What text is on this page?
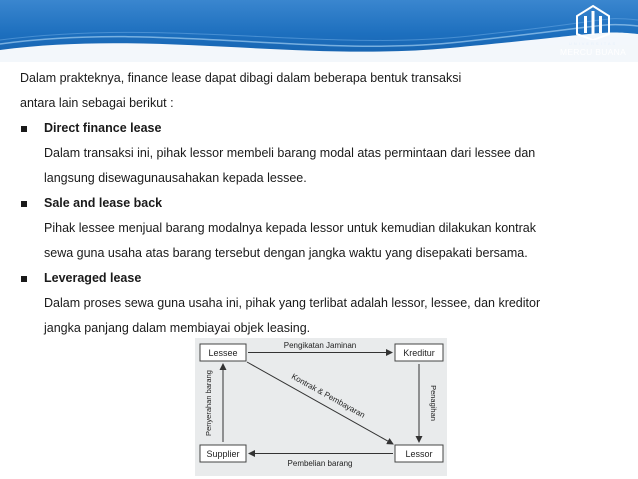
UNIVERSITAS
MERCU BUANA

Dalam prakteknya, finance lease dapat dibagi dalam beberapa bentuk transaksi

antara lain sebagai berikut :

Direct finance lease

Dalam transaksi ini, pihak lessor membeli barang modal atas permintaan dari lessee dan

langsung disewagunausahakan kepada lessee.

Sale and lease back

Pihak lessee menjual barang modalnya kepada lessor untuk kemudian dilakukan kontrak

sewa guna usaha atas barang tersebut dengan jangka waktu yang disepakati bersama.

Leveraged lease

Dalam proses sewa guna usaha ini, pihak yang terlibat adalah lessor, lessee, dan kreditor

jangka panjang dalam membiayai objek leasing.

Lessee	Kreditur
Supplier	Lessor
Pengikatan Jaminan
Pembelian barang
Penyerahan barang	Penagihan
Kontrak & Pembayaran
